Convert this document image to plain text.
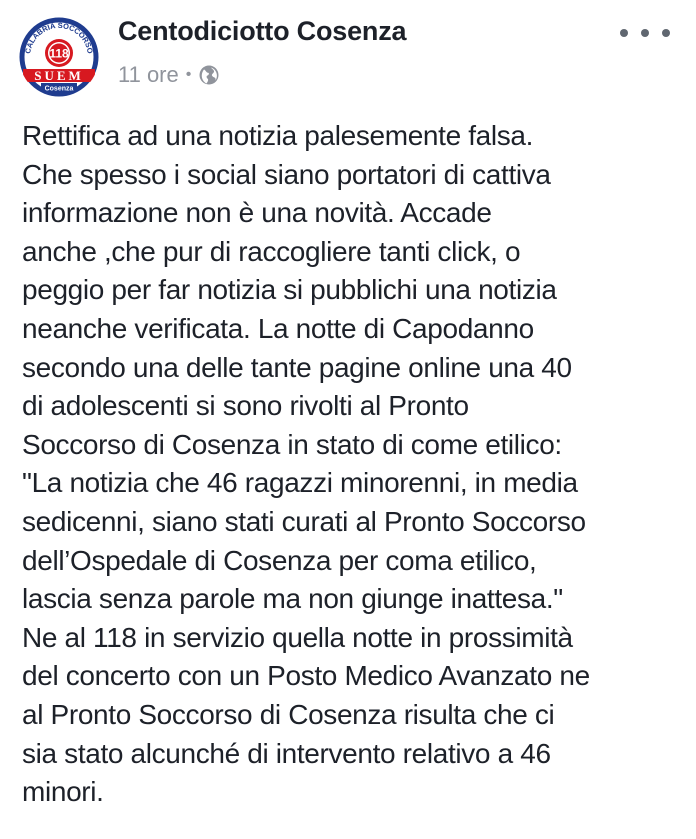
CALABRIA SOCCORSO
118
SUEM
Cosenza
Centodiciotto Cosenza
11 ore •
Rettifica ad una notizia palesemente falsa.
Che spesso i social siano portatori di cattiva
informazione non è una novità. Accade
anche ,che pur di raccogliere tanti click, o
peggio per far notizia si pubblichi una notizia
neanche verificata. La notte di Capodanno
secondo una delle tante pagine online una 40
di adolescenti si sono rivolti al Pronto
Soccorso di Cosenza in stato di come etilico:
"La notizia che 46 ragazzi minorenni, in media
sedicenni, siano stati curati al Pronto Soccorso
dell’Ospedale di Cosenza per coma etilico,
lascia senza parole ma non giunge inattesa."
Ne al 118 in servizio quella notte in prossimità
del concerto con un Posto Medico Avanzato ne
al Pronto Soccorso di Cosenza risulta che ci
sia stato alcunché di intervento relativo a 46
minori.
